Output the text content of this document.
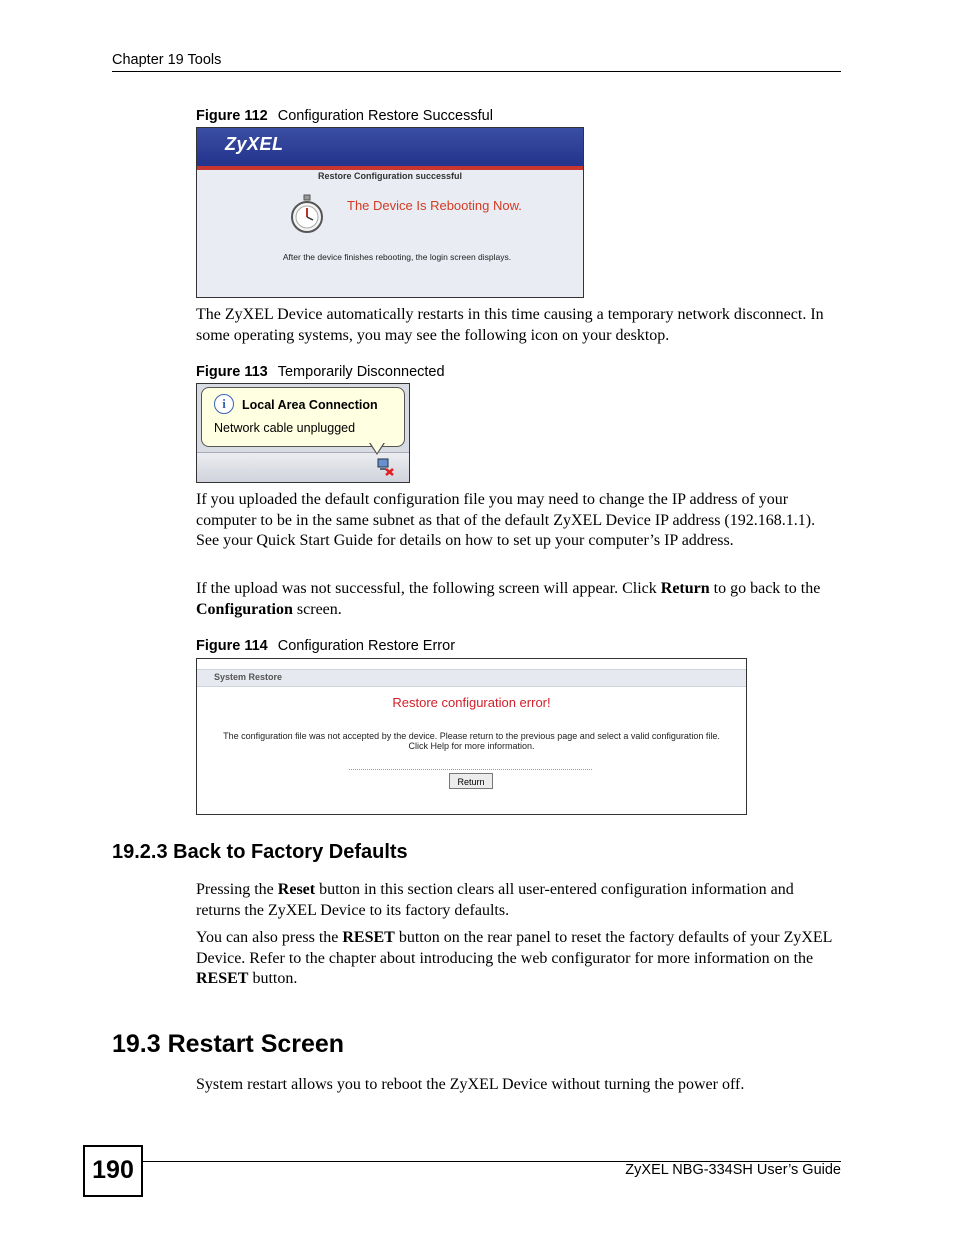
Chapter 19 Tools
Figure 112 Configuration Restore Successful
ZyXEL
Restore Configuration successful
The Device Is Rebooting Now.
After the device finishes rebooting, the login screen displays.
The ZyXEL Device automatically restarts in this time causing a temporary network disconnect. In some operating systems, you may see the following icon on your desktop.
Figure 113 Temporarily Disconnected
i	Local Area Connection
Network cable unplugged
If you uploaded the default configuration file you may need to change the IP address of your computer to be in the same subnet as that of the default ZyXEL Device IP address (192.168.1.1). See your Quick Start Guide for details on how to set up your computer’s IP address.
If the upload was not successful, the following screen will appear. Click Return to go back to the Configuration screen.
Figure 114 Configuration Restore Error
System Restore
Restore configuration error!
The configuration file was not accepted by the device. Please return to the previous page and select a valid configuration file. Click Help for more information.
Return
19.2.3 Back to Factory Defaults
Pressing the Reset button in this section clears all user-entered configuration information and returns the ZyXEL Device to its factory defaults.
You can also press the RESET button on the rear panel to reset the factory defaults of your ZyXEL Device. Refer to the chapter about introducing the web configurator for more information on the RESET button.
19.3 Restart Screen
System restart allows you to reboot the ZyXEL Device without turning the power off.
190	ZyXEL NBG-334SH User’s Guide
